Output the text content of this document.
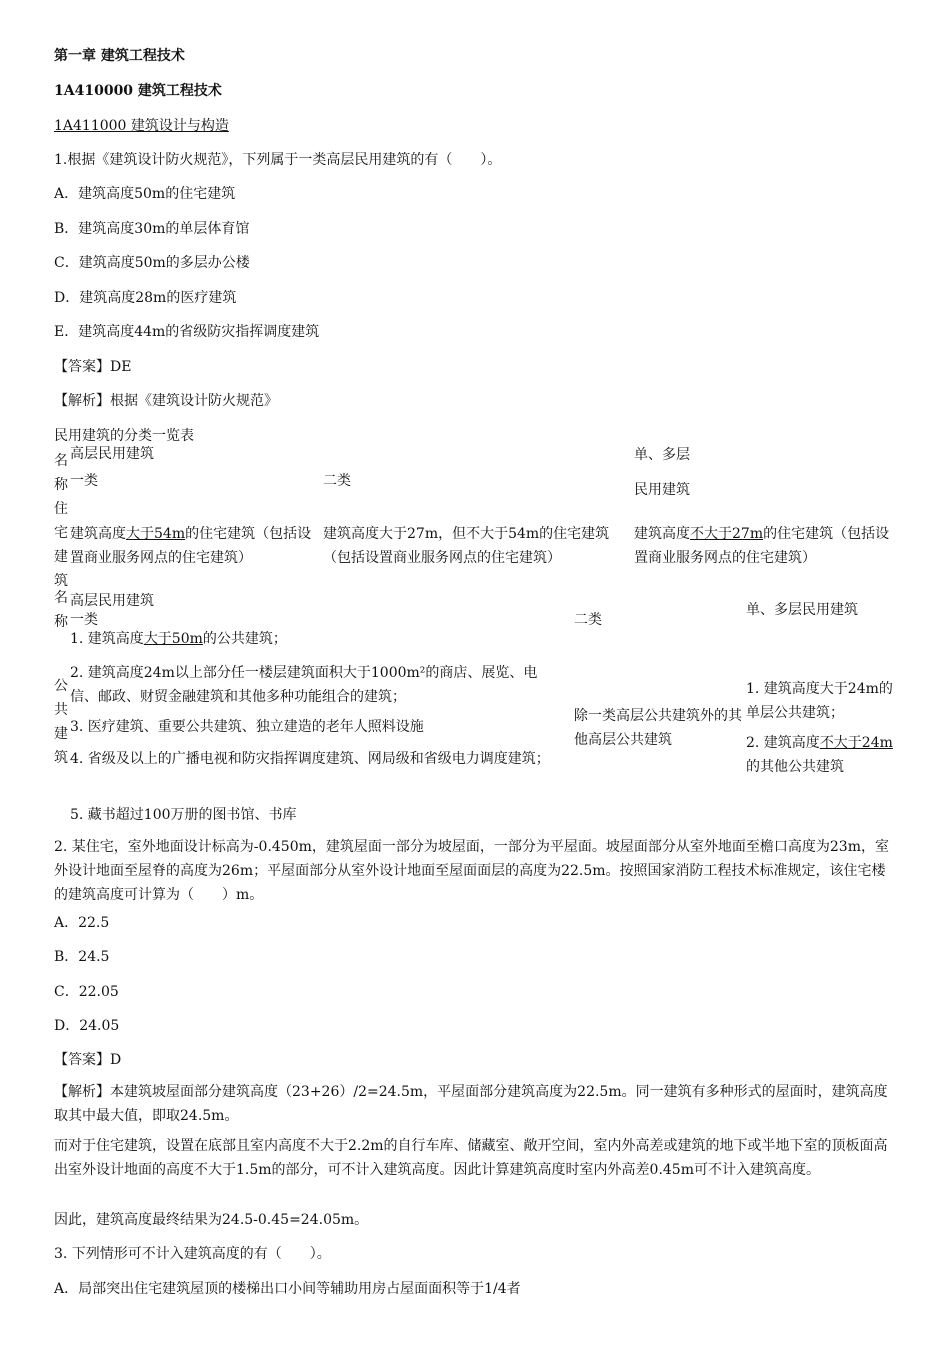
第一章 建筑工程技术
1A410000 建筑工程技术
1A411000 建筑设计与构造
1.根据《建筑设计防火规范》，下列属于一类高层民用建筑的有（　　）。
A．建筑高度50m的住宅建筑
B．建筑高度30m的单层体育馆
C．建筑高度50m的多层办公楼
D．建筑高度28m的医疗建筑
E．建筑高度44m的省级防灾指挥调度建筑
【答案】DE
【解析】根据《建筑设计防火规范》
民用建筑的分类一览表
名称
高层民用建筑
一类	二类
单、多层
民用建筑
住宅建筑
建筑高度大于54m的住宅建筑（包括设置商业服务网点的住宅建筑）
建筑高度大于27m，但不大于54m的住宅建筑（包括设置商业服务网点的住宅建筑）
建筑高度不大于27m的住宅建筑（包括设置商业服务网点的住宅建筑）
名称
高层民用建筑
一类	二类
单、多层民用建筑
公共建筑
1. 建筑高度大于50m的公共建筑；
2. 建筑高度24m以上部分任一楼层建筑面积大于1000m²的商店、展览、电信、邮政、财贸金融建筑和其他多种功能组合的建筑；
3. 医疗建筑、重要公共建筑、独立建造的老年人照料设施
4. 省级及以上的广播电视和防灾指挥调度建筑、网局级和省级电力调度建筑；
5. 藏书超过100万册的图书馆、书库
除一类高层公共建筑外的其他高层公共建筑
1. 建筑高度大于24m的单层公共建筑；
2. 建筑高度不大于24m的其他公共建筑
2. 某住宅，室外地面设计标高为-0.450m，建筑屋面一部分为坡屋面，一部分为平屋面。坡屋面部分从室外地面至檐口高度为23m，室外设计地面至屋脊的高度为26m；平屋面部分从室外设计地面至屋面面层的高度为22.5m。按照国家消防工程技术标准规定，该住宅楼的建筑高度可计算为（　　）m。
A．22.5
B．24.5
C．22.05
D．24.05
【答案】D
【解析】本建筑坡屋面部分建筑高度（23+26）/2=24.5m，平屋面部分建筑高度为22.5m。同一建筑有多种形式的屋面时，建筑高度取其中最大值，即取24.5m。
而对于住宅建筑，设置在底部且室内高度不大于2.2m的自行车库、储藏室、敞开空间，室内外高差或建筑的地下或半地下室的顶板面高出室外设计地面的高度不大于1.5m的部分，可不计入建筑高度。因此计算建筑高度时室内外高差0.45m可不计入建筑高度。
因此，建筑高度最终结果为24.5-0.45=24.05m。
3. 下列情形可不计入建筑高度的有（　　）。
A．局部突出住宅建筑屋顶的楼梯出口小间等辅助用房占屋面面积等于1/4者
